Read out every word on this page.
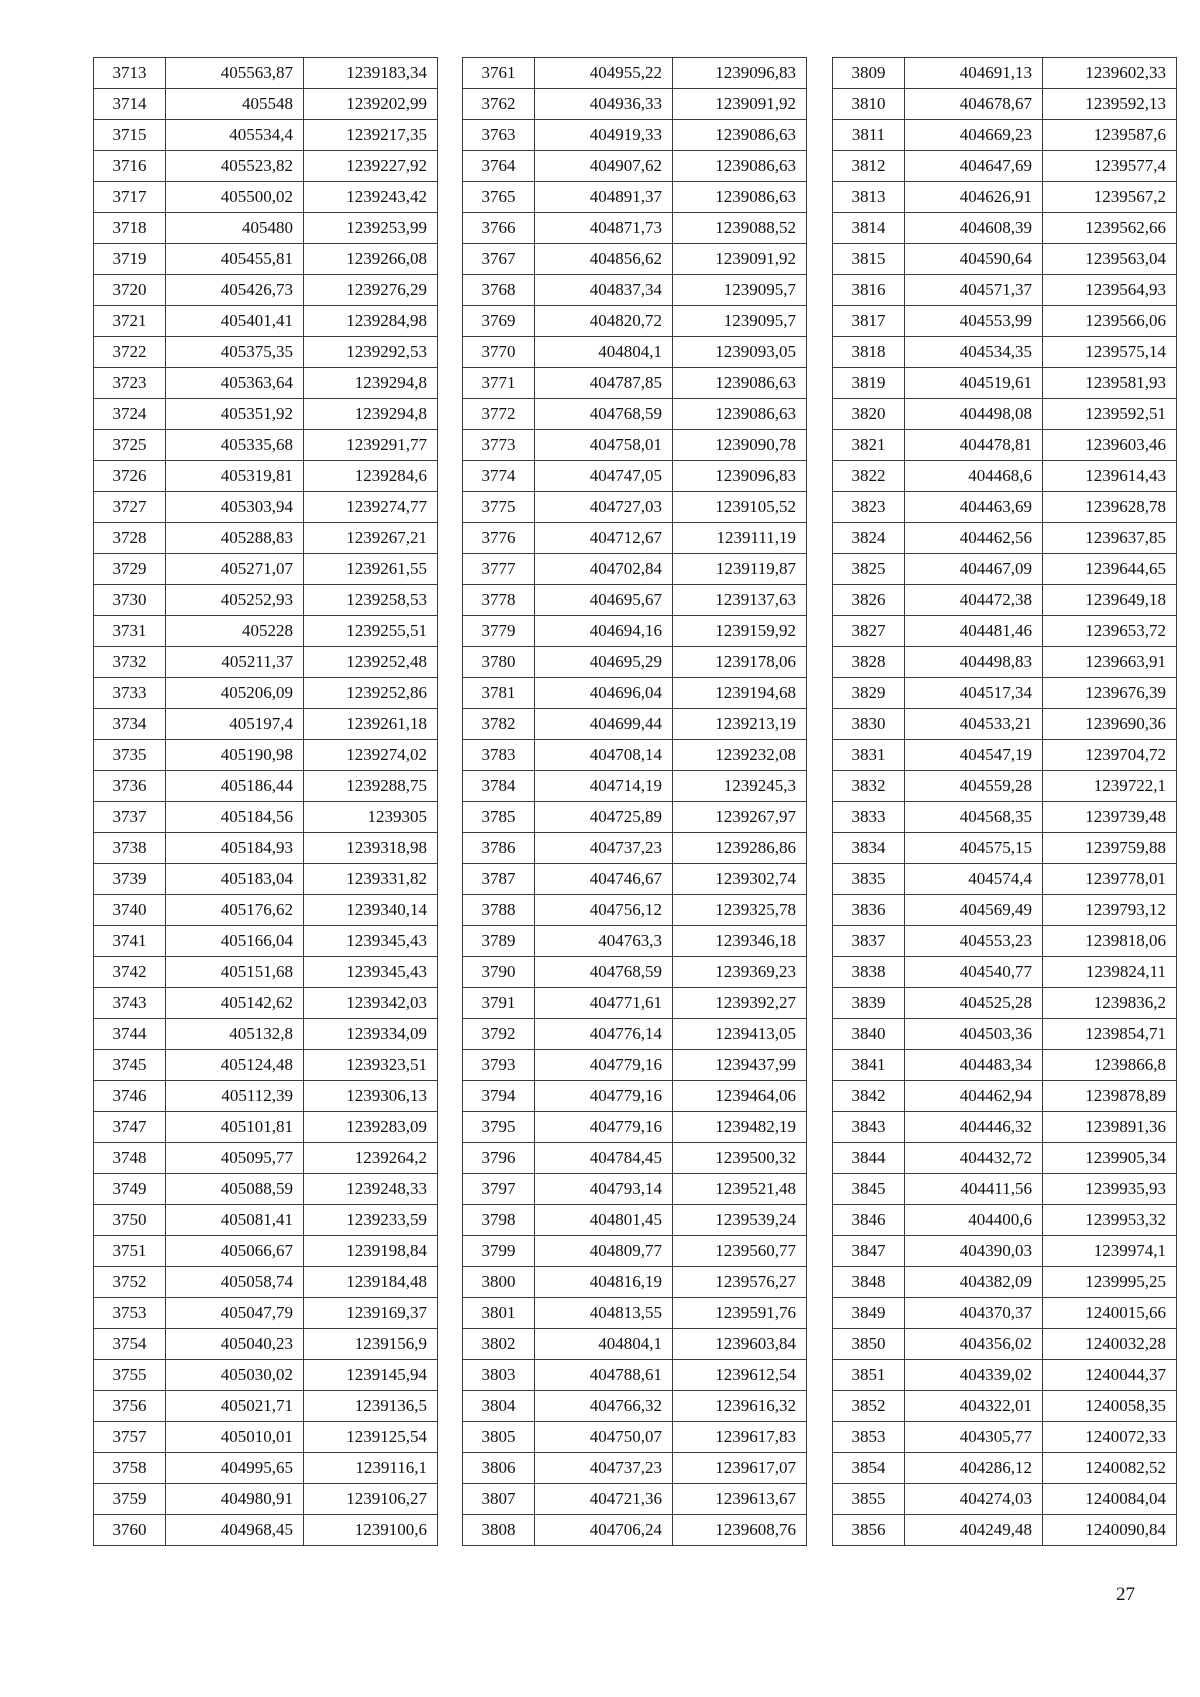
3713	405563,87	1239183,34
3714	405548	1239202,99
3715	405534,4	1239217,35
3716	405523,82	1239227,92
3717	405500,02	1239243,42
3718	405480	1239253,99
3719	405455,81	1239266,08
3720	405426,73	1239276,29
3721	405401,41	1239284,98
3722	405375,35	1239292,53
3723	405363,64	1239294,8
3724	405351,92	1239294,8
3725	405335,68	1239291,77
3726	405319,81	1239284,6
3727	405303,94	1239274,77
3728	405288,83	1239267,21
3729	405271,07	1239261,55
3730	405252,93	1239258,53
3731	405228	1239255,51
3732	405211,37	1239252,48
3733	405206,09	1239252,86
3734	405197,4	1239261,18
3735	405190,98	1239274,02
3736	405186,44	1239288,75
3737	405184,56	1239305
3738	405184,93	1239318,98
3739	405183,04	1239331,82
3740	405176,62	1239340,14
3741	405166,04	1239345,43
3742	405151,68	1239345,43
3743	405142,62	1239342,03
3744	405132,8	1239334,09
3745	405124,48	1239323,51
3746	405112,39	1239306,13
3747	405101,81	1239283,09
3748	405095,77	1239264,2
3749	405088,59	1239248,33
3750	405081,41	1239233,59
3751	405066,67	1239198,84
3752	405058,74	1239184,48
3753	405047,79	1239169,37
3754	405040,23	1239156,9
3755	405030,02	1239145,94
3756	405021,71	1239136,5
3757	405010,01	1239125,54
3758	404995,65	1239116,1
3759	404980,91	1239106,27
3760	404968,45	1239100,6
3761	404955,22	1239096,83
3762	404936,33	1239091,92
3763	404919,33	1239086,63
3764	404907,62	1239086,63
3765	404891,37	1239086,63
3766	404871,73	1239088,52
3767	404856,62	1239091,92
3768	404837,34	1239095,7
3769	404820,72	1239095,7
3770	404804,1	1239093,05
3771	404787,85	1239086,63
3772	404768,59	1239086,63
3773	404758,01	1239090,78
3774	404747,05	1239096,83
3775	404727,03	1239105,52
3776	404712,67	1239111,19
3777	404702,84	1239119,87
3778	404695,67	1239137,63
3779	404694,16	1239159,92
3780	404695,29	1239178,06
3781	404696,04	1239194,68
3782	404699,44	1239213,19
3783	404708,14	1239232,08
3784	404714,19	1239245,3
3785	404725,89	1239267,97
3786	404737,23	1239286,86
3787	404746,67	1239302,74
3788	404756,12	1239325,78
3789	404763,3	1239346,18
3790	404768,59	1239369,23
3791	404771,61	1239392,27
3792	404776,14	1239413,05
3793	404779,16	1239437,99
3794	404779,16	1239464,06
3795	404779,16	1239482,19
3796	404784,45	1239500,32
3797	404793,14	1239521,48
3798	404801,45	1239539,24
3799	404809,77	1239560,77
3800	404816,19	1239576,27
3801	404813,55	1239591,76
3802	404804,1	1239603,84
3803	404788,61	1239612,54
3804	404766,32	1239616,32
3805	404750,07	1239617,83
3806	404737,23	1239617,07
3807	404721,36	1239613,67
3808	404706,24	1239608,76
3809	404691,13	1239602,33
3810	404678,67	1239592,13
3811	404669,23	1239587,6
3812	404647,69	1239577,4
3813	404626,91	1239567,2
3814	404608,39	1239562,66
3815	404590,64	1239563,04
3816	404571,37	1239564,93
3817	404553,99	1239566,06
3818	404534,35	1239575,14
3819	404519,61	1239581,93
3820	404498,08	1239592,51
3821	404478,81	1239603,46
3822	404468,6	1239614,43
3823	404463,69	1239628,78
3824	404462,56	1239637,85
3825	404467,09	1239644,65
3826	404472,38	1239649,18
3827	404481,46	1239653,72
3828	404498,83	1239663,91
3829	404517,34	1239676,39
3830	404533,21	1239690,36
3831	404547,19	1239704,72
3832	404559,28	1239722,1
3833	404568,35	1239739,48
3834	404575,15	1239759,88
3835	404574,4	1239778,01
3836	404569,49	1239793,12
3837	404553,23	1239818,06
3838	404540,77	1239824,11
3839	404525,28	1239836,2
3840	404503,36	1239854,71
3841	404483,34	1239866,8
3842	404462,94	1239878,89
3843	404446,32	1239891,36
3844	404432,72	1239905,34
3845	404411,56	1239935,93
3846	404400,6	1239953,32
3847	404390,03	1239974,1
3848	404382,09	1239995,25
3849	404370,37	1240015,66
3850	404356,02	1240032,28
3851	404339,02	1240044,37
3852	404322,01	1240058,35
3853	404305,77	1240072,33
3854	404286,12	1240082,52
3855	404274,03	1240084,04
3856	404249,48	1240090,84
27
